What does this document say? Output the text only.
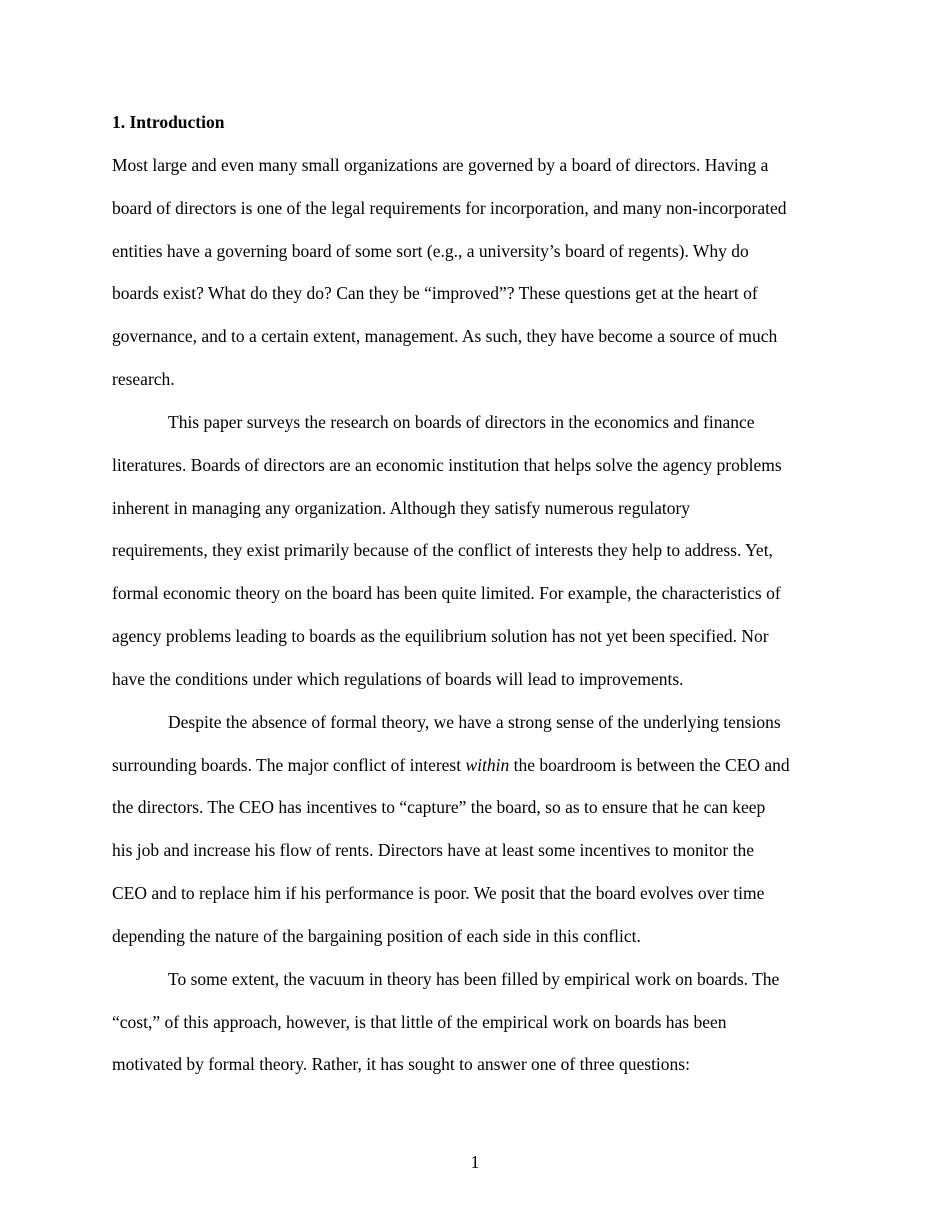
1. Introduction
Most large and even many small organizations are governed by a board of directors. Having a
board of directors is one of the legal requirements for incorporation, and many non-incorporated
entities have a governing board of some sort (e.g., a university’s board of regents). Why do
boards exist? What do they do? Can they be “improved”? These questions get at the heart of
governance, and to a certain extent, management. As such, they have become a source of much
research.
This paper surveys the research on boards of directors in the economics and finance
literatures. Boards of directors are an economic institution that helps solve the agency problems
inherent in managing any organization. Although they satisfy numerous regulatory
requirements, they exist primarily because of the conflict of interests they help to address. Yet,
formal economic theory on the board has been quite limited. For example, the characteristics of
agency problems leading to boards as the equilibrium solution has not yet been specified. Nor
have the conditions under which regulations of boards will lead to improvements.
Despite the absence of formal theory, we have a strong sense of the underlying tensions
surrounding boards. The major conflict of interest within the boardroom is between the CEO and
the directors. The CEO has incentives to “capture” the board, so as to ensure that he can keep
his job and increase his flow of rents. Directors have at least some incentives to monitor the
CEO and to replace him if his performance is poor. We posit that the board evolves over time
depending the nature of the bargaining position of each side in this conflict.
To some extent, the vacuum in theory has been filled by empirical work on boards. The
“cost,” of this approach, however, is that little of the empirical work on boards has been
motivated by formal theory. Rather, it has sought to answer one of three questions:
1
